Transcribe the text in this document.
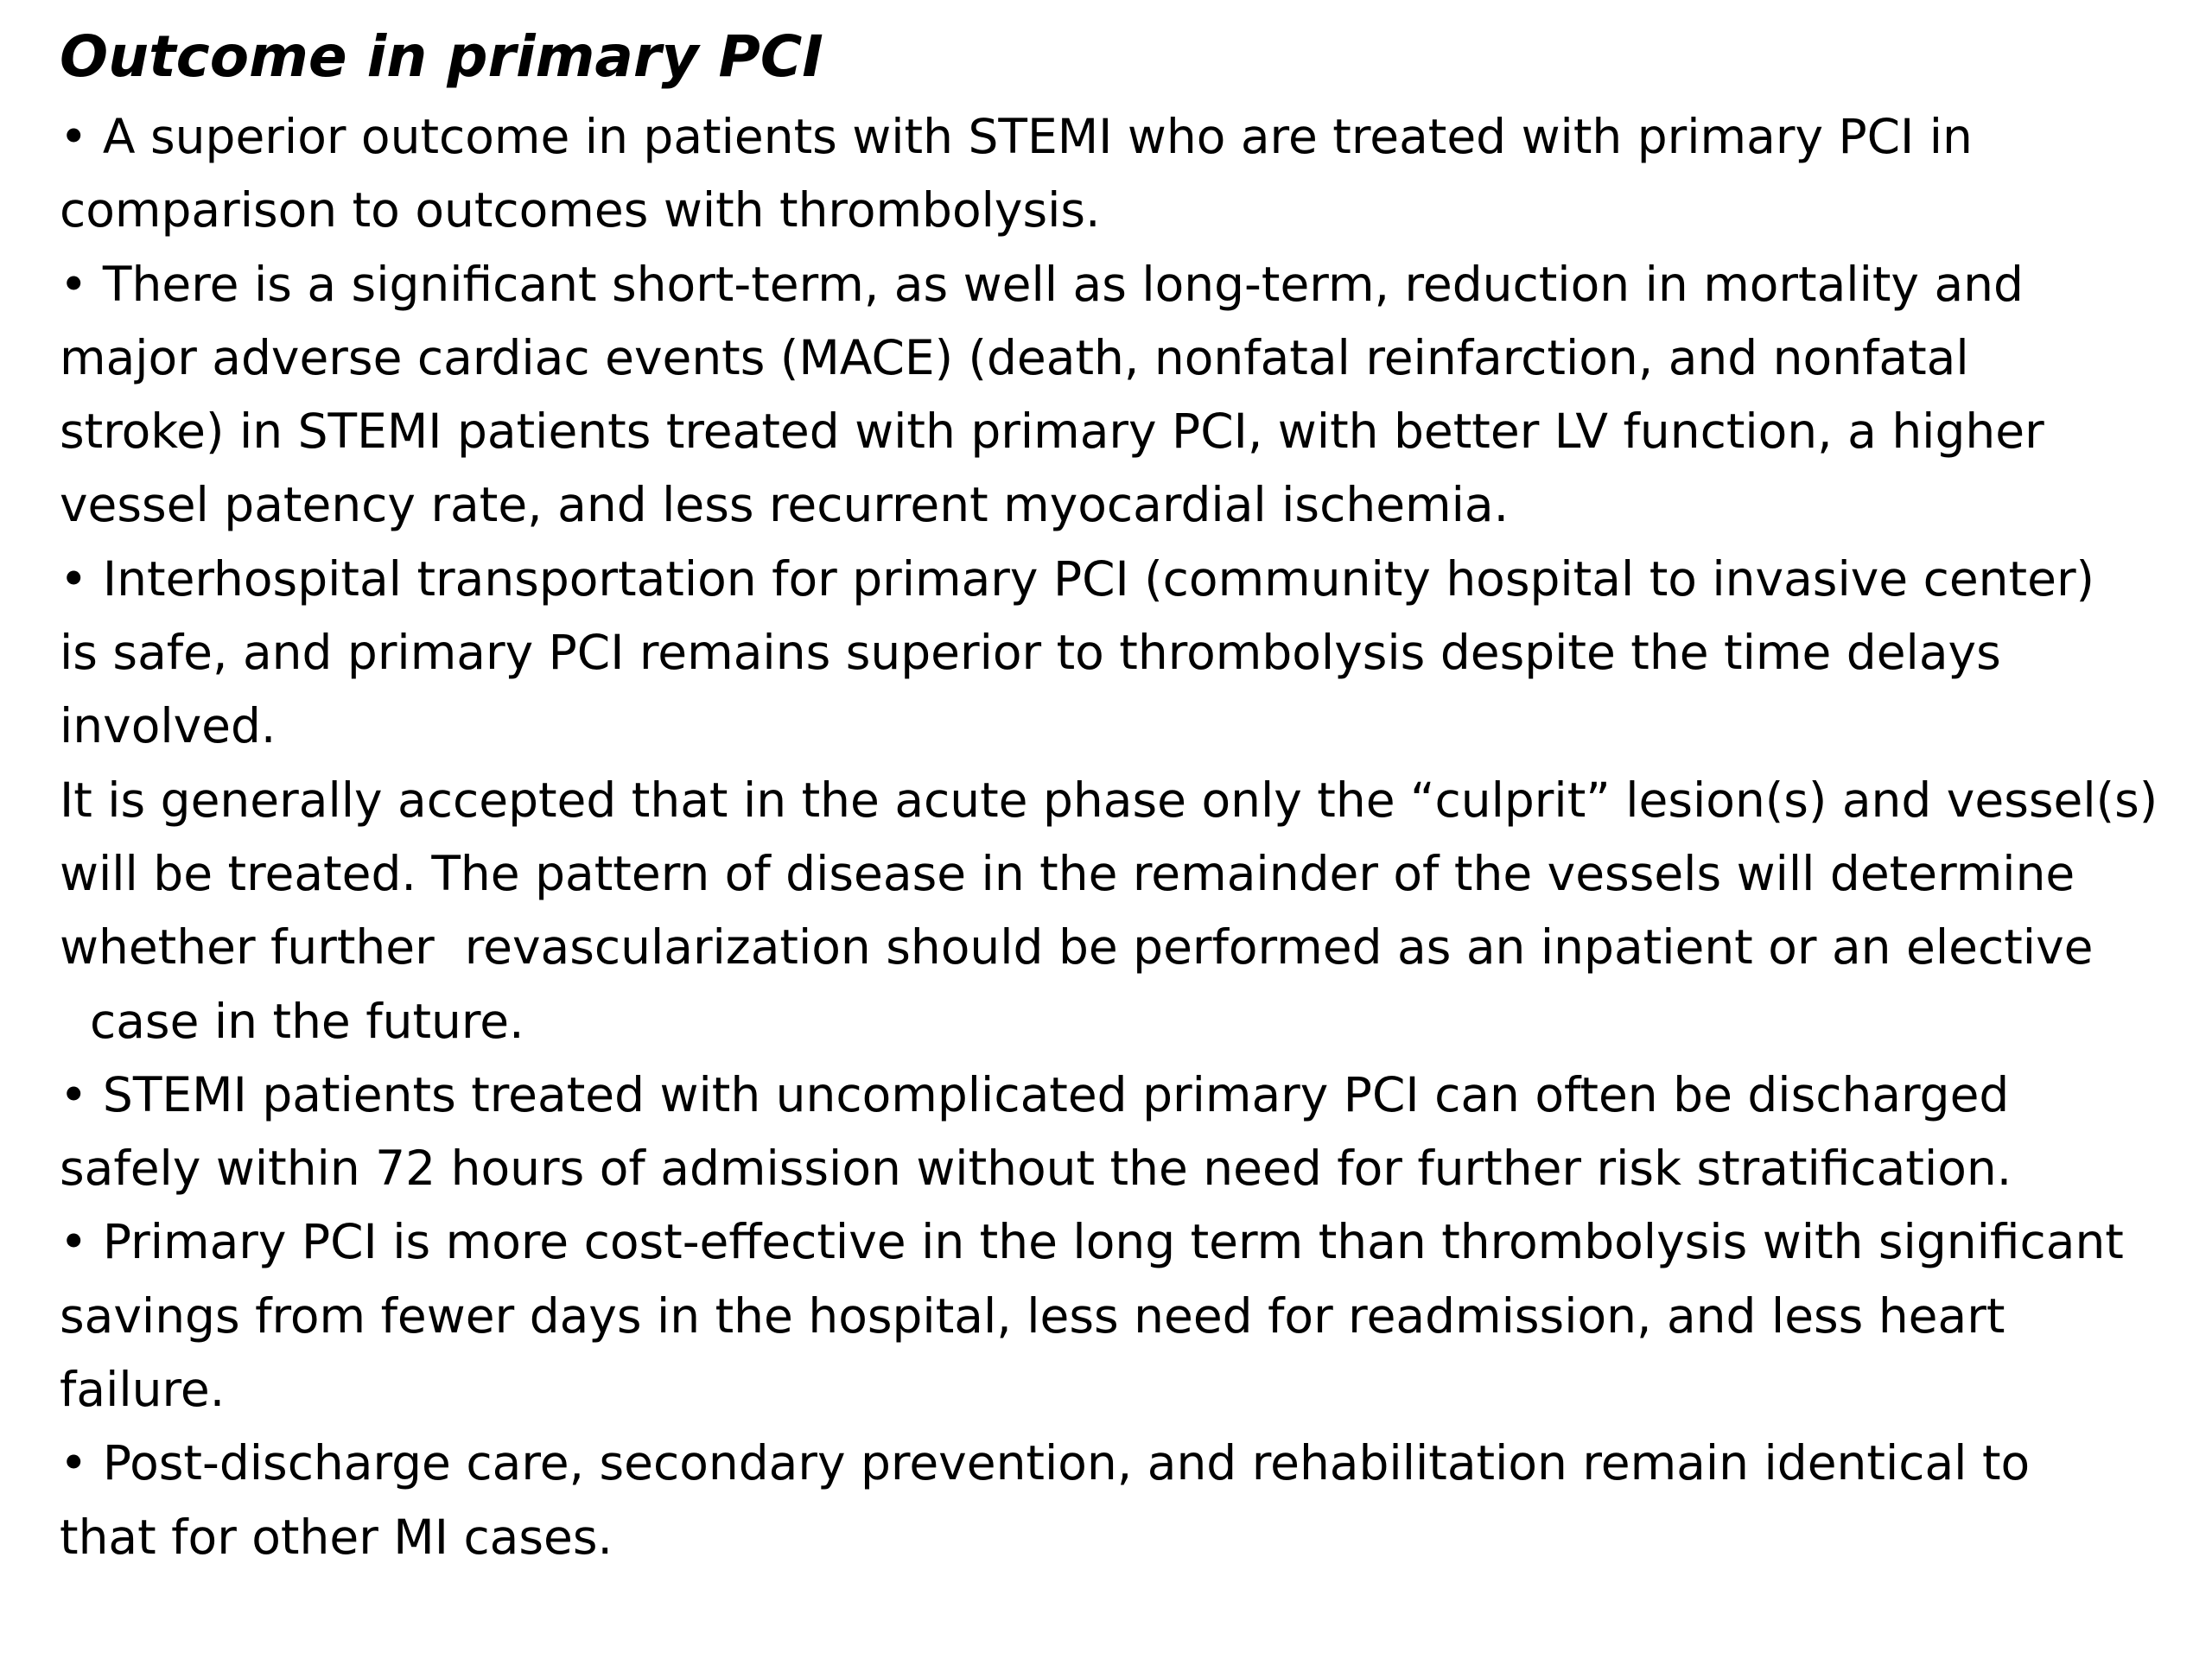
Outcome in primary PCI
• A superior outcome in patients with STEMI who are treated with primary PCI in
comparison to outcomes with thrombolysis.
• There is a significant short-term, as well as long-term, reduction in mortality and
major adverse cardiac events (MACE) (death, nonfatal reinfarction, and nonfatal
stroke) in STEMI patients treated with primary PCI, with better LV function, a higher
vessel patency rate, and less recurrent myocardial ischemia.
• Interhospital transportation for primary PCI (community hospital to invasive center)
is safe, and primary PCI remains superior to thrombolysis despite the time delays
involved.
It is generally accepted that in the acute phase only the “culprit” lesion(s) and vessel(s)
will be treated. The pattern of disease in the remainder of the vessels will determine
whether further  revascularization should be performed as an inpatient or an elective
case in the future.
• STEMI patients treated with uncomplicated primary PCI can often be discharged
safely within 72 hours of admission without the need for further risk stratification.
• Primary PCI is more cost-effective in the long term than thrombolysis with significant
savings from fewer days in the hospital, less need for readmission, and less heart
failure.
• Post-discharge care, secondary prevention, and rehabilitation remain identical to
that for other MI cases.
